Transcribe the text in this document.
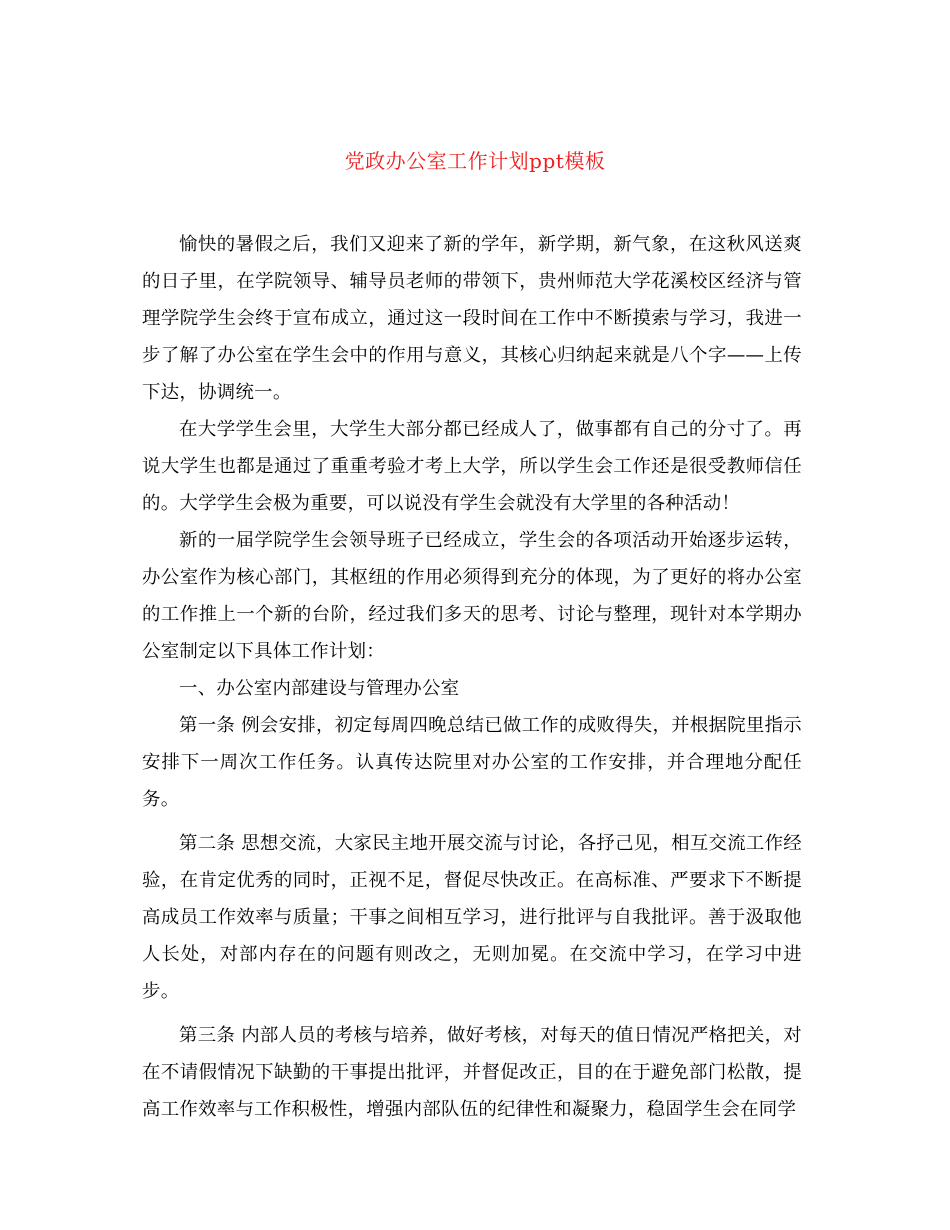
党政办公室工作计划ppt模板

愉快的暑假之后，我们又迎来了新的学年，新学期，新气象，在这秋风送爽的日子里，在学院领导、辅导员老师的带领下，贵州师范大学花溪校区经济与管理学院学生会终于宣布成立，通过这一段时间在工作中不断摸索与学习，我进一步了解了办公室在学生会中的作用与意义，其核心归纳起来就是八个字——上传下达，协调统一。

在大学学生会里，大学生大部分都已经成人了，做事都有自己的分寸了。再说大学生也都是通过了重重考验才考上大学，所以学生会工作还是很受教师信任的。大学学生会极为重要，可以说没有学生会就没有大学里的各种活动！

新的一届学院学生会领导班子已经成立，学生会的各项活动开始逐步运转，办公室作为核心部门，其枢纽的作用必须得到充分的体现，为了更好的将办公室的工作推上一个新的台阶，经过我们多天的思考、讨论与整理，现针对本学期办公室制定以下具体工作计划：

一、办公室内部建设与管理办公室

第一条 例会安排，初定每周四晚总结已做工作的成败得失，并根据院里指示安排下一周次工作任务。认真传达院里对办公室的工作安排，并合理地分配任务。

第二条 思想交流，大家民主地开展交流与讨论，各抒己见，相互交流工作经验，在肯定优秀的同时，正视不足，督促尽快改正。在高标准、严要求下不断提高成员工作效率与质量；干事之间相互学习，进行批评与自我批评。善于汲取他人长处，对部内存在的问题有则改之，无则加冕。在交流中学习，在学习中进步。

第三条 内部人员的考核与培养，做好考核，对每天的值日情况严格把关，对在不请假情况下缺勤的干事提出批评，并督促改正，目的在于避免部门松散，提高工作效率与工作积极性，增强内部队伍的纪律性和凝聚力，稳固学生会在同学
